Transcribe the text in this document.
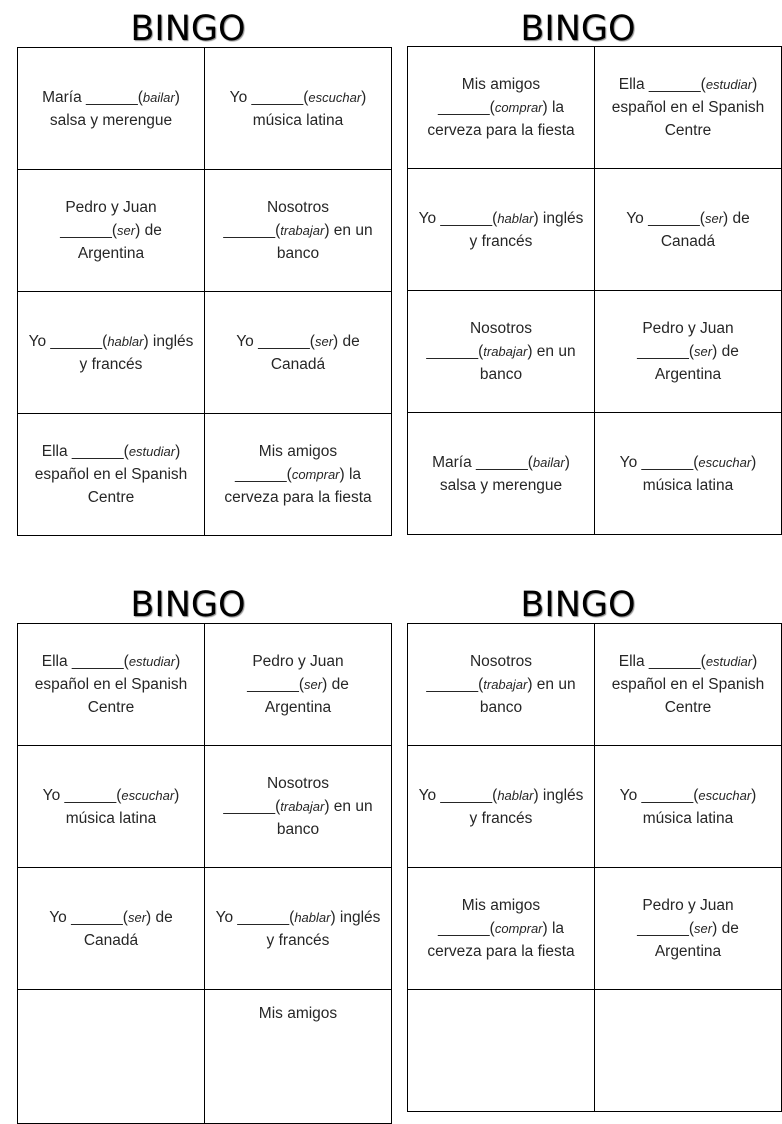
BINGO
María ______(bailar) salsa y merengue	Yo ______(escuchar) música latina
Pedro y Juan ______(ser) de Argentina	Nosotros ______(trabajar) en un banco
Yo ______(hablar) inglés y francés	Yo ______(ser) de Canadá
Ella ______(estudiar) español en el Spanish Centre	Mis amigos ______(comprar) la cerveza para la fiesta
BINGO
Mis amigos ______(comprar) la cerveza para la fiesta	Ella ______(estudiar) español en el Spanish Centre
Yo ______(hablar) inglés y francés	Yo ______(ser) de Canadá
Nosotros ______(trabajar) en un banco	Pedro y Juan ______(ser) de Argentina
María ______(bailar) salsa y merengue	Yo ______(escuchar) música latina
BINGO
Ella ______(estudiar) español en el Spanish Centre	Pedro y Juan ______(ser) de Argentina
Yo ______(escuchar) música latina	Nosotros ______(trabajar) en un banco
Yo ______(ser) de Canadá	Yo ______(hablar) inglés y francés
	Mis amigos
BINGO
Nosotros ______(trabajar) en un banco	Ella ______(estudiar) español en el Spanish Centre
Yo ______(hablar) inglés y francés	Yo ______(escuchar) música latina
Mis amigos ______(comprar) la cerveza para la fiesta	Pedro y Juan ______(ser) de Argentina
